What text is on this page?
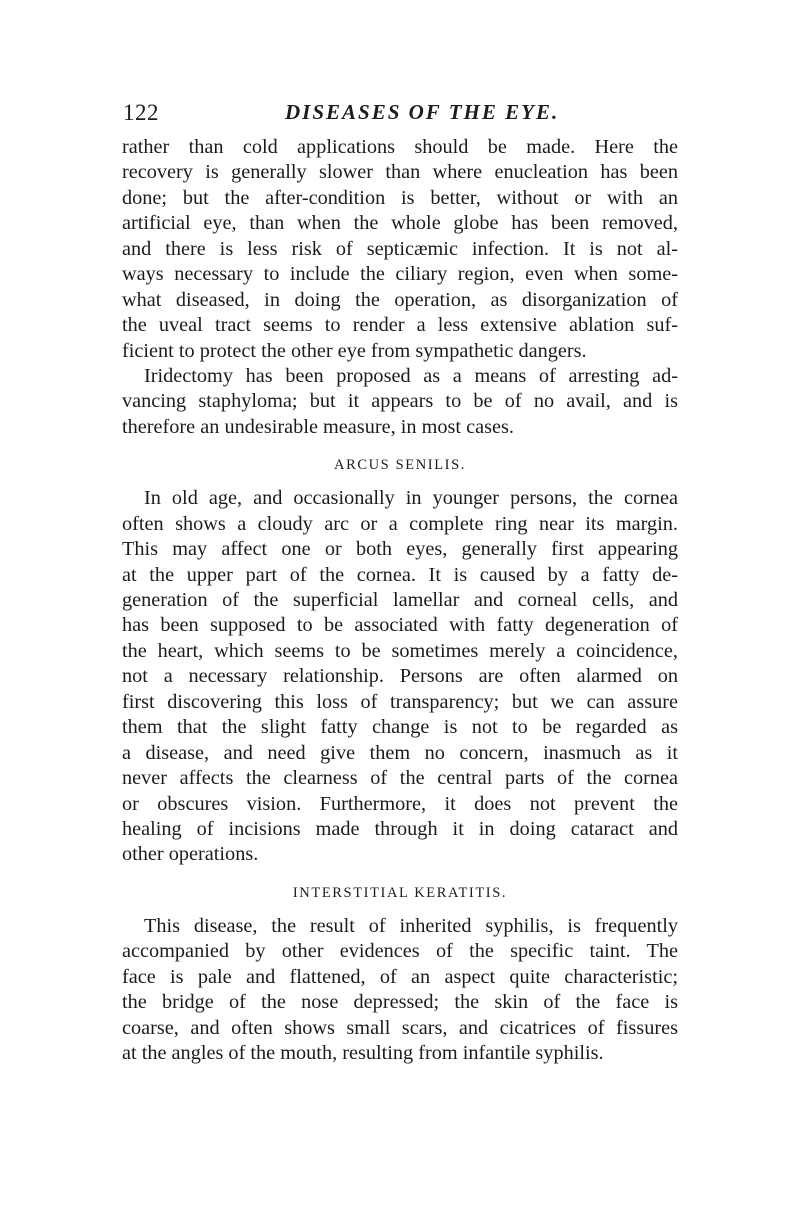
122	DISEASES OF THE EYE.
rather than cold applications should be made. Here the
recovery is generally slower than where enucleation has been
done; but the after-condition is better, without or with an
artificial eye, than when the whole globe has been removed,
and there is less risk of septicæmic infection. It is not al-
ways necessary to include the ciliary region, even when some-
what diseased, in doing the operation, as disorganization of
the uveal tract seems to render a less extensive ablation suf-
ficient to protect the other eye from sympathetic dangers.
Iridectomy has been proposed as a means of arresting ad-
vancing staphyloma; but it appears to be of no avail, and is
therefore an undesirable measure, in most cases.
ARCUS SENILIS.
In old age, and occasionally in younger persons, the cornea
often shows a cloudy arc or a complete ring near its margin.
This may affect one or both eyes, generally first appearing
at the upper part of the cornea. It is caused by a fatty de-
generation of the superficial lamellar and corneal cells, and
has been supposed to be associated with fatty degeneration of
the heart, which seems to be sometimes merely a coincidence,
not a necessary relationship. Persons are often alarmed on
first discovering this loss of transparency; but we can assure
them that the slight fatty change is not to be regarded as
a disease, and need give them no concern, inasmuch as it
never affects the clearness of the central parts of the cornea
or obscures vision. Furthermore, it does not prevent the
healing of incisions made through it in doing cataract and
other operations.
INTERSTITIAL KERATITIS.
This disease, the result of inherited syphilis, is frequently
accompanied by other evidences of the specific taint. The
face is pale and flattened, of an aspect quite characteristic;
the bridge of the nose depressed; the skin of the face is
coarse, and often shows small scars, and cicatrices of fissures
at the angles of the mouth, resulting from infantile syphilis.
